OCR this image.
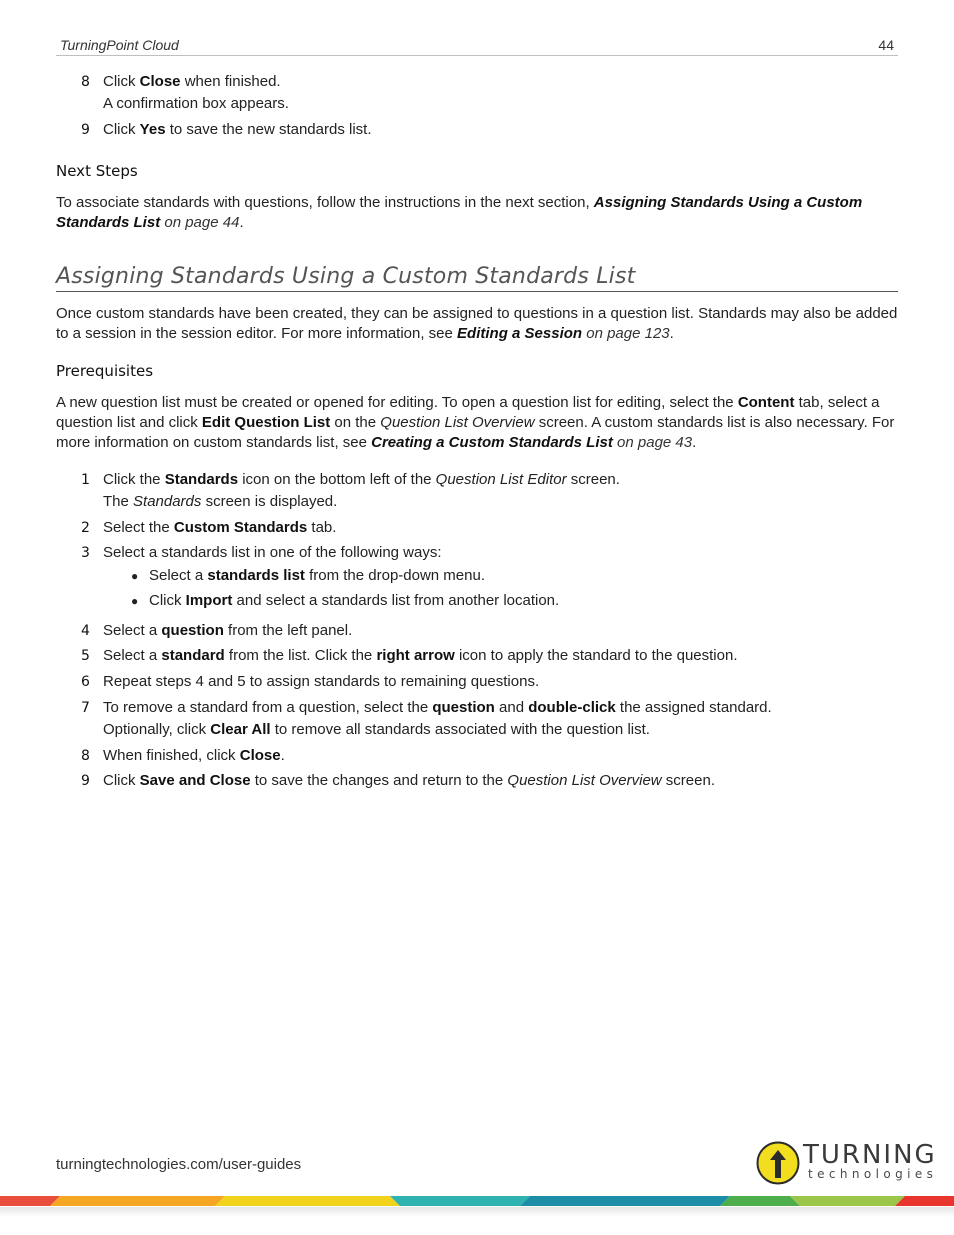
TurningPoint Cloud	44
8 Click Close when finished.
A confirmation box appears.
9 Click Yes to save the new standards list.
Next Steps
To associate standards with questions, follow the instructions in the next section, Assigning Standards Using a Custom Standards List on page 44.
Assigning Standards Using a Custom Standards List
Once custom standards have been created, they can be assigned to questions in a question list. Standards may also be added to a session in the session editor. For more information, see Editing a Session on page 123.
Prerequisites
A new question list must be created or opened for editing. To open a question list for editing, select the Content tab, select a question list and click Edit Question List on the Question List Overview screen. A custom standards list is also necessary. For more information on custom standards list, see Creating a Custom Standards List on page 43.
1 Click the Standards icon on the bottom left of the Question List Editor screen.
The Standards screen is displayed.
2 Select the Custom Standards tab.
3 Select a standards list in one of the following ways:
● Select a standards list from the drop-down menu.
● Click Import and select a standards list from another location.
4 Select a question from the left panel.
5 Select a standard from the list. Click the right arrow icon to apply the standard to the question.
6 Repeat steps 4 and 5 to assign standards to remaining questions.
7 To remove a standard from a question, select the question and double-click the assigned standard.
Optionally, click Clear All to remove all standards associated with the question list.
8 When finished, click Close.
9 Click Save and Close to save the changes and return to the Question List Overview screen.
turningtechnologies.com/user-guides	TURNING
technologies
